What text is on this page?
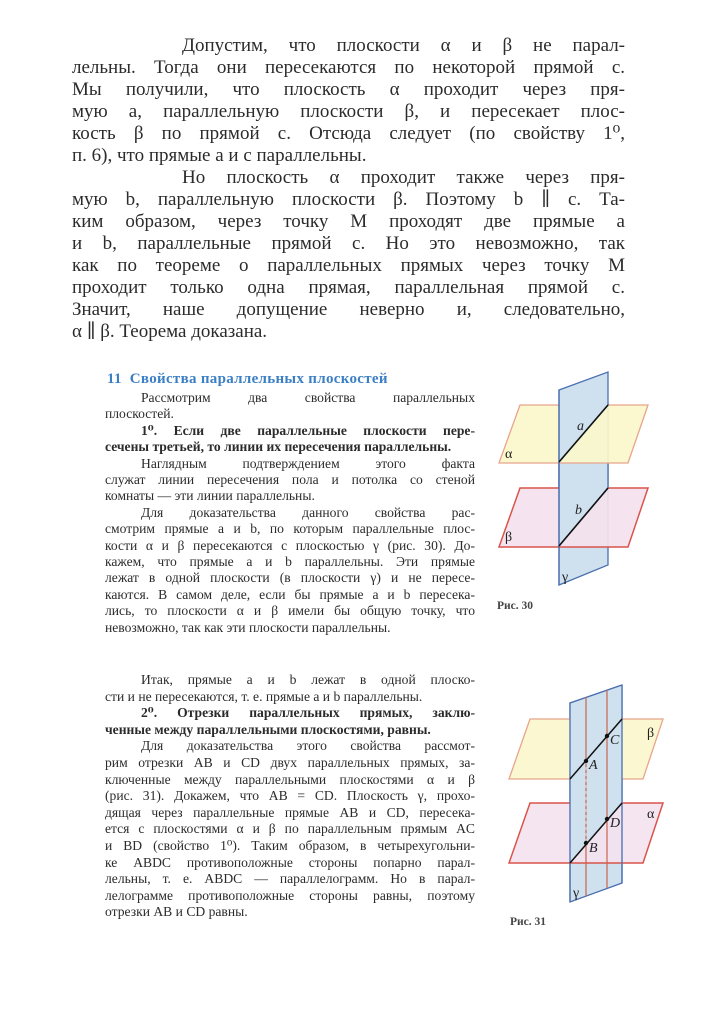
Допустим, что плоскости α и β не парал-
лельны. Тогда они пересекаются по некоторой прямой c.
Мы получили, что плоскость α проходит через пря-
мую a, параллельную плоскости β, и пересекает плос-
кость β по прямой c. Отсюда следует (по свойству 1⁰,
п. 6), что прямые a и c параллельны.
Но плоскость α проходит также через пря-
мую b, параллельную плоскости β. Поэтому b ∥ c. Та-
ким образом, через точку M проходят две прямые a
и b, параллельные прямой c. Но это невозможно, так
как по теореме о параллельных прямых через точку M
проходит только одна прямая, параллельная прямой c.
Значит, наше допущение неверно и, следовательно,
α ∥ β. Теорема доказана.
11 Свойства параллельных плоскостей
Рассмотрим два свойства параллельных
плоскостей.
1⁰. Если две параллельные плоскости пере-
сечены третьей, то линии их пересечения параллельны.
Наглядным подтверждением этого факта
служат линии пересечения пола и потолка со стеной
комнаты — эти линии параллельны.
Для доказательства данного свойства рас-
смотрим прямые a и b, по которым параллельные плос-
кости α и β пересекаются с плоскостью γ (рис. 30). До-
кажем, что прямые a и b параллельны. Эти прямые
лежат в одной плоскости (в плоскости γ) и не пересе-
каются. В самом деле, если бы прямые a и b пересека-
лись, то плоскости α и β имели бы общую точку, что
невозможно, так как эти плоскости параллельны.
Итак, прямые a и b лежат в одной плоско-
сти и не пересекаются, т. е. прямые a и b параллельны.
2⁰. Отрезки параллельных прямых, заклю-
ченные между параллельными плоскостями, равны.
Для доказательства этого свойства рассмот-
рим отрезки AB и CD двух параллельных прямых, за-
ключенные между параллельными плоскостями α и β
(рис. 31). Докажем, что AB = CD. Плоскость γ, прохо-
дящая через параллельные прямые AB и CD, пересека-
ется с плоскостями α и β по параллельным прямым AC
и BD (свойство 1⁰). Таким образом, в четырехугольни-
ке ABDC противоположные стороны попарно парал-
лельны, т. е. ABDC — параллелограмм. Но в парал-
лелограмме противоположные стороны равны, поэтому
отрезки AB и CD равны.
α
a
b
β
γ
Рис. 30
A
C
B
D
β
α
γ
Рис. 31
